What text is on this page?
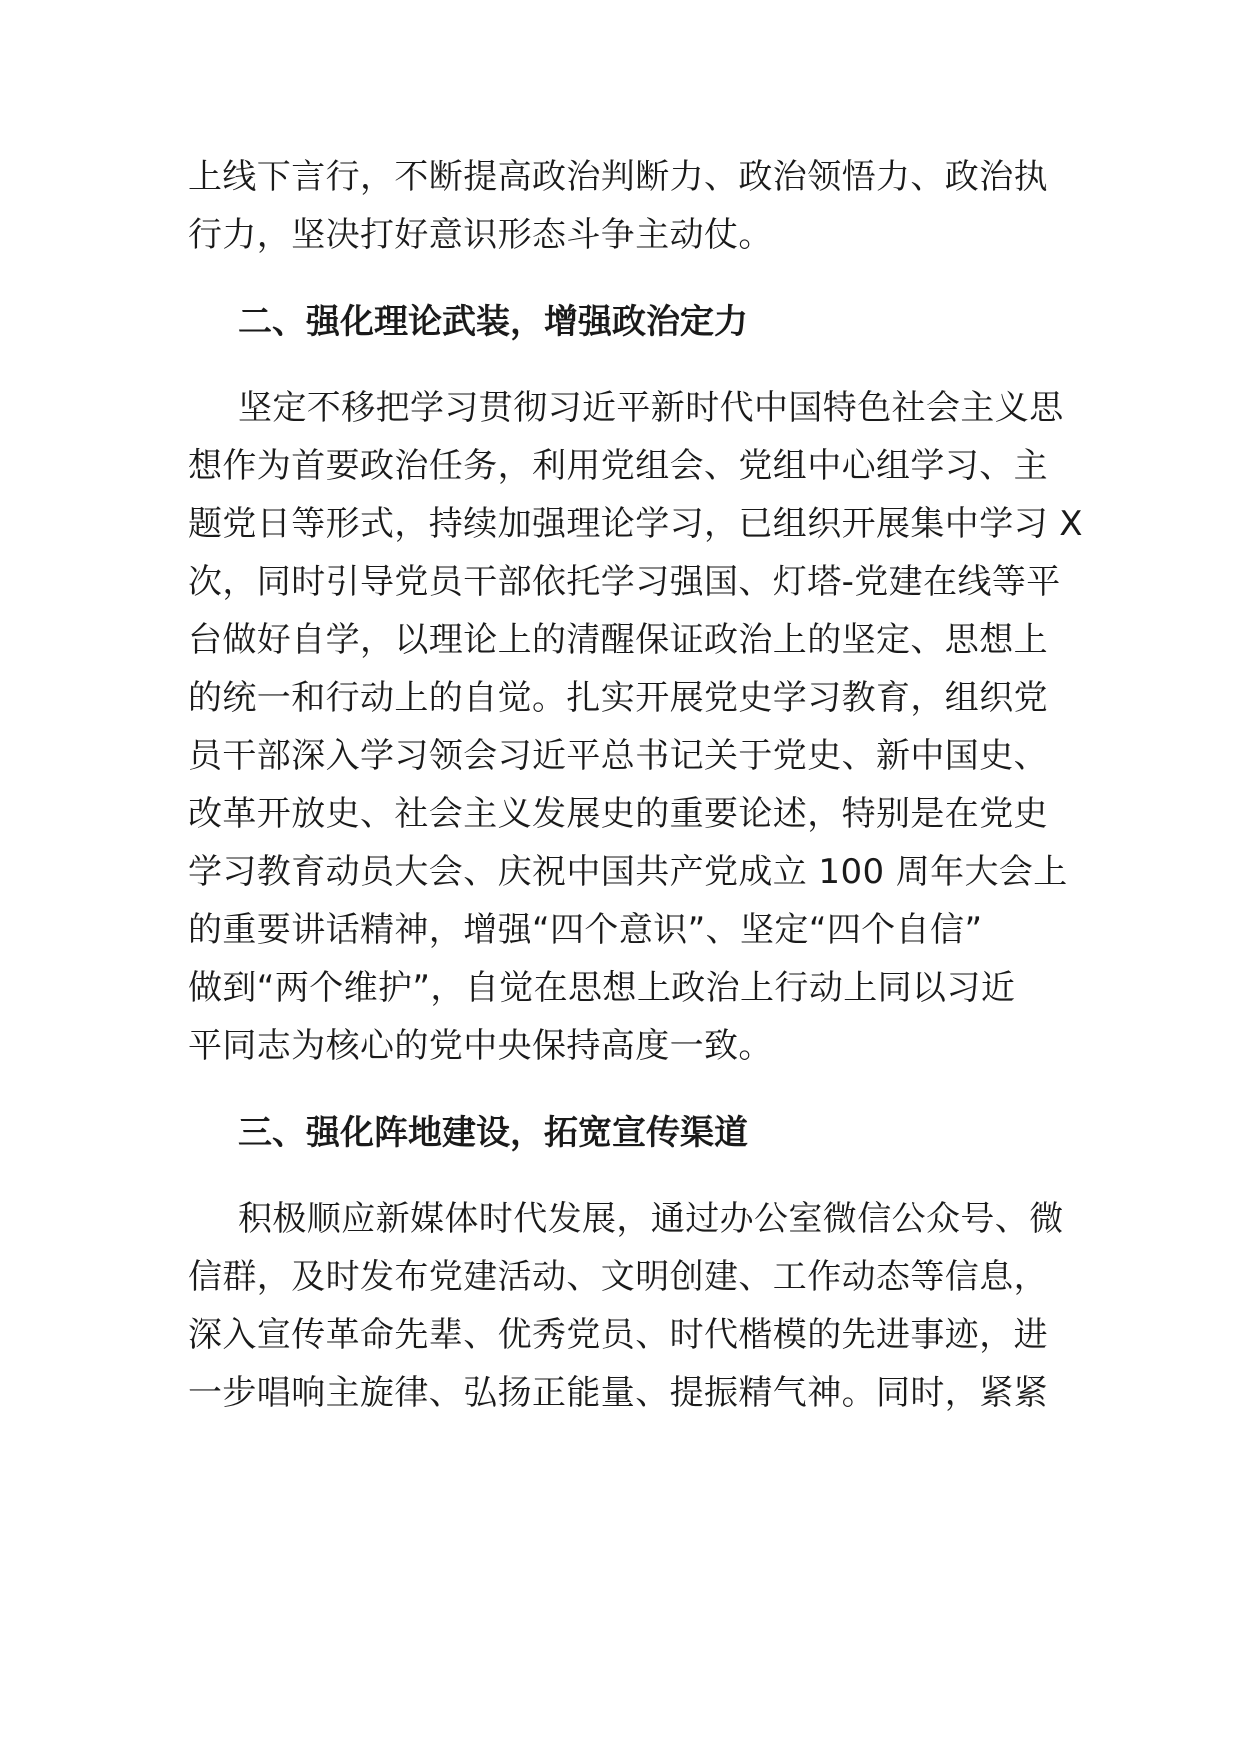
上线下言行，不断提高政治判断力、政治领悟力、政治执
行力，坚决打好意识形态斗争主动仗。
二、强化理论武装，增强政治定力
坚定不移把学习贯彻习近平新时代中国特色社会主义思
想作为首要政治任务，利用党组会、党组中心组学习、主
题党日等形式，持续加强理论学习，已组织开展集中学习 X
次，同时引导党员干部依托学习强国、灯塔-党建在线等平
台做好自学，以理论上的清醒保证政治上的坚定、思想上
的统一和行动上的自觉。扎实开展党史学习教育，组织党
员干部深入学习领会习近平总书记关于党史、新中国史、
改革开放史、社会主义发展史的重要论述，特别是在党史
学习教育动员大会、庆祝中国共产党成立 100 周年大会上
的重要讲话精神，增强“四个意识”、坚定“四个自信”
做到“两个维护”，自觉在思想上政治上行动上同以习近
平同志为核心的党中央保持高度一致。
三、强化阵地建设，拓宽宣传渠道
积极顺应新媒体时代发展，通过办公室微信公众号、微
信群，及时发布党建活动、文明创建、工作动态等信息，
深入宣传革命先辈、优秀党员、时代楷模的先进事迹，进
一步唱响主旋律、弘扬正能量、提振精气神。同时，紧紧
